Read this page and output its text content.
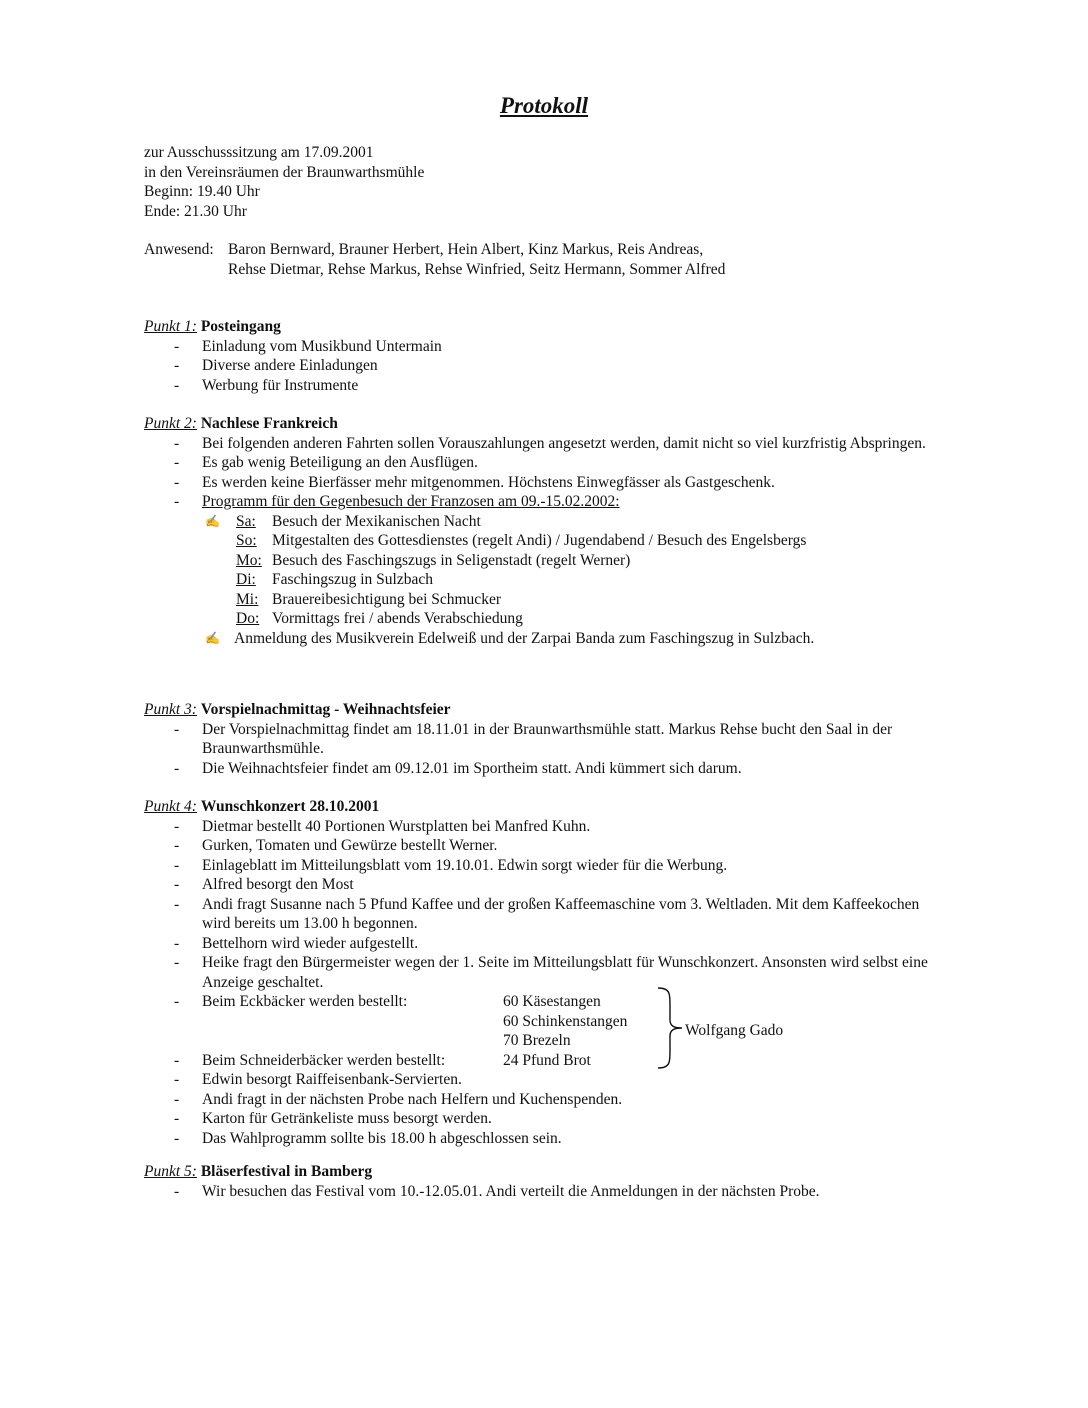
Protokoll
zur Ausschusssitzung am 17.09.2001
in den Vereinsräumen der Braunwarthsmühle
Beginn: 19.40 Uhr
Ende: 21.30 Uhr
Anwesend: Baron Bernward, Brauner Herbert, Hein Albert, Kinz Markus, Reis Andreas,
Rehse Dietmar, Rehse Markus, Rehse Winfried, Seitz Hermann, Sommer Alfred
Punkt 1: Posteingang
- Einladung vom Musikbund Untermain
- Diverse andere Einladungen
- Werbung für Instrumente
Punkt 2: Nachlese Frankreich
- Bei folgenden anderen Fahrten sollen Vorauszahlungen angesetzt werden, damit nicht so viel kurzfristig Abspringen.
- Es gab wenig Beteiligung an den Ausflügen.
- Es werden keine Bierfässer mehr mitgenommen. Höchstens Einwegfässer als Gastgeschenk.
- Programm für den Gegenbesuch der Franzosen am 09.-15.02.2002:
✍ Sa: Besuch der Mexikanischen Nacht
So: Mitgestalten des Gottesdienstes (regelt Andi) / Jugendabend / Besuch des Engelsbergs
Mo: Besuch des Faschingszugs in Seligenstadt (regelt Werner)
Di: Faschingszug in Sulzbach
Mi: Brauereibesichtigung bei Schmucker
Do: Vormittags frei / abends Verabschiedung
✍ Anmeldung des Musikverein Edelweiß und der Zarpai Banda zum Faschingszug in Sulzbach.
Punkt 3: Vorspielnachmittag - Weihnachtsfeier
- Der Vorspielnachmittag findet am 18.11.01 in der Braunwarthsmühle statt. Markus Rehse bucht den Saal in der Braunwarthsmühle.
- Die Weihnachtsfeier findet am 09.12.01 im Sportheim statt. Andi kümmert sich darum.
Punkt 4: Wunschkonzert 28.10.2001
- Dietmar bestellt 40 Portionen Wurstplatten bei Manfred Kuhn.
- Gurken, Tomaten und Gewürze bestellt Werner.
- Einlageblatt im Mitteilungsblatt vom 19.10.01. Edwin sorgt wieder für die Werbung.
- Alfred besorgt den Most
- Andi fragt Susanne nach 5 Pfund Kaffee und der großen Kaffeemaschine vom 3. Weltladen. Mit dem Kaffeekochen wird bereits um 13.00 h begonnen.
- Bettelhorn wird wieder aufgestellt.
- Heike fragt den Bürgermeister wegen der 1. Seite im Mitteilungsblatt für Wunschkonzert. Ansonsten wird selbst eine Anzeige geschaltet.
- Beim Eckbäcker werden bestellt:	60 Käsestangen
60 Schinkenstangen
70 Brezeln
24 Pfund Brot
- Beim Schneiderbäcker werden bestellt:
Wolfgang Gado
- Edwin besorgt Raiffeisenbank-Servierten.
- Andi fragt in der nächsten Probe nach Helfern und Kuchenspenden.
- Karton für Getränkeliste muss besorgt werden.
- Das Wahlprogramm sollte bis 18.00 h abgeschlossen sein.
Punkt 5: Bläserfestival in Bamberg
- Wir besuchen das Festival vom 10.-12.05.01. Andi verteilt die Anmeldungen in der nächsten Probe.
